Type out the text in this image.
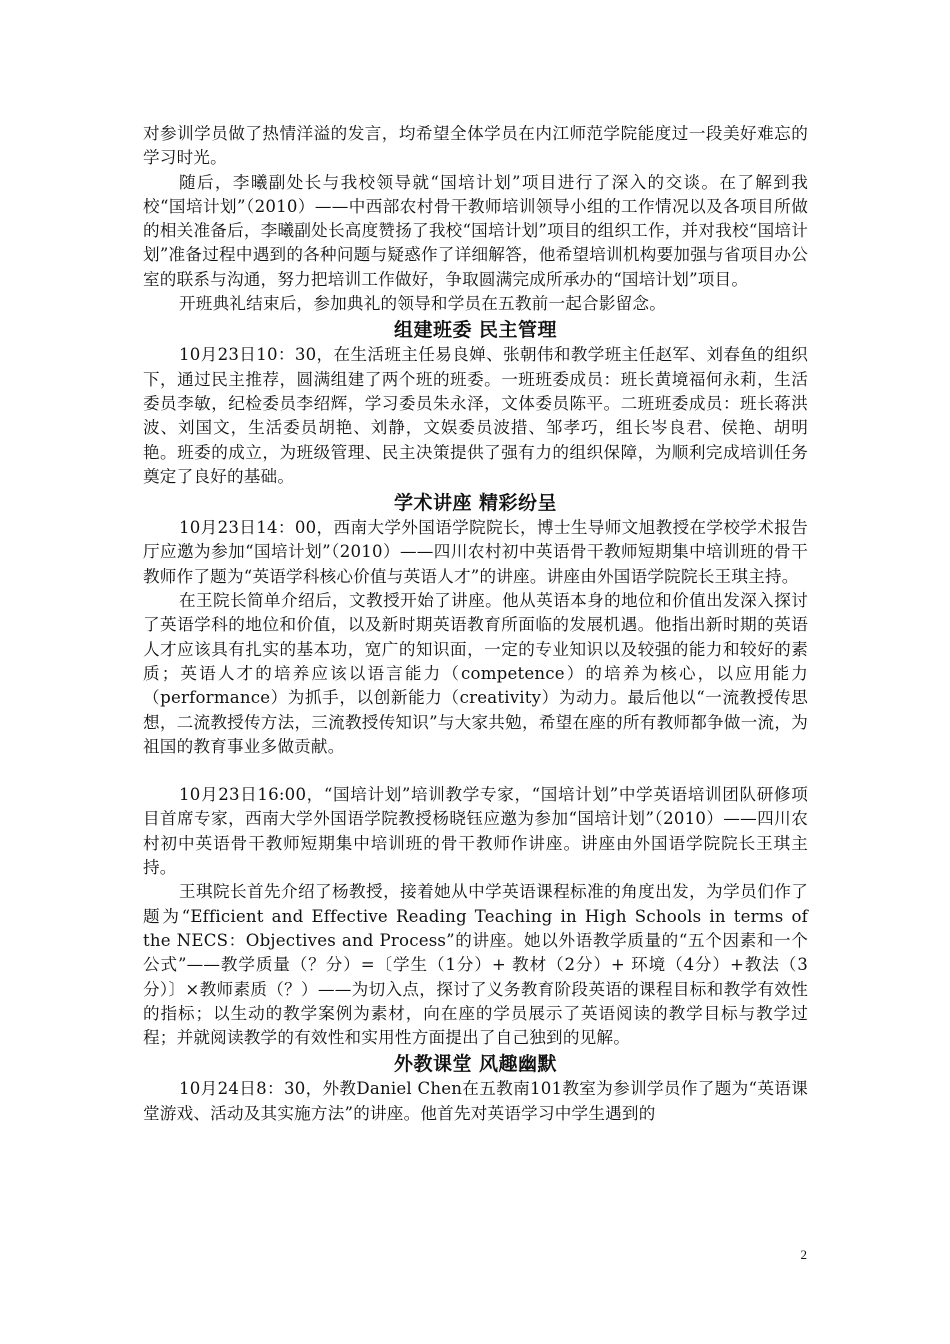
对参训学员做了热情洋溢的发言，均希望全体学员在内江师范学院能度过一段美好难忘的学习时光。

随后，李曦副处长与我校领导就“国培计划”项目进行了深入的交谈。在了解到我校“国培计划”（2010）——中西部农村骨干教师培训领导小组的工作情况以及各项目所做的相关准备后，李曦副处长高度赞扬了我校“国培计划”项目的组织工作，并对我校“国培计划”准备过程中遇到的各种问题与疑惑作了详细解答，他希望培训机构要加强与省项目办公室的联系与沟通，努力把培训工作做好，争取圆满完成所承办的“国培计划”项目。

开班典礼结束后，参加典礼的领导和学员在五教前一起合影留念。

组建班委 民主管理

10月23日10：30，在生活班主任易良婵、张朝伟和教学班主任赵军、刘春鱼的组织下，通过民主推荐，圆满组建了两个班的班委。一班班委成员：班长黄境福何永莉，生活委员李敏，纪检委员李绍辉，学习委员朱永泽，文体委员陈平。二班班委成员：班长蒋洪波、刘国文，生活委员胡艳、刘静，文娱委员波措、邹孝巧，组长岑良君、侯艳、胡明艳。班委的成立，为班级管理、民主决策提供了强有力的组织保障，为顺利完成培训任务奠定了良好的基础。

学术讲座 精彩纷呈

10月23日14：00，西南大学外国语学院院长，博士生导师文旭教授在学校学术报告厅应邀为参加“国培计划”（2010）——四川农村初中英语骨干教师短期集中培训班的骨干教师作了题为“英语学科核心价值与英语人才”的讲座。讲座由外国语学院院长王琪主持。

在王院长简单介绍后，文教授开始了讲座。他从英语本身的地位和价值出发深入探讨了英语学科的地位和价值，以及新时期英语教育所面临的发展机遇。他指出新时期的英语人才应该具有扎实的基本功，宽广的知识面，一定的专业知识以及较强的能力和较好的素质；英语人才的培养应该以语言能力（competence）的培养为核心，以应用能力（performance）为抓手，以创新能力（creativity）为动力。最后他以“一流教授传思想，二流教授传方法，三流教授传知识”与大家共勉，希望在座的所有教师都争做一流，为祖国的教育事业多做贡献。

10月23日16:00，“国培计划”培训教学专家，“国培计划”中学英语培训团队研修项目首席专家，西南大学外国语学院教授杨晓钰应邀为参加“国培计划”（2010）——四川农村初中英语骨干教师短期集中培训班的骨干教师作讲座。讲座由外国语学院院长王琪主持。

王琪院长首先介绍了杨教授，接着她从中学英语课程标准的角度出发，为学员们作了题为“Efficient and Effective Reading Teaching in High Schools in terms of the NECS：Objectives and Process”的讲座。她以外语教学质量的“五个因素和一个公式”——教学质量（？分）=〔学生（1分）+ 教材（2分）+ 环境（4分）+教法（3分）〕×教师素质（？）——为切入点，探讨了义务教育阶段英语的课程目标和教学有效性的指标；以生动的教学案例为素材，向在座的学员展示了英语阅读的教学目标与教学过程；并就阅读教学的有效性和实用性方面提出了自己独到的见解。

外教课堂 风趣幽默

10月24日8：30，外教Daniel Chen在五教南101教室为参训学员作了题为“英语课堂游戏、活动及其实施方法”的讲座。他首先对英语学习中学生遇到的

2
